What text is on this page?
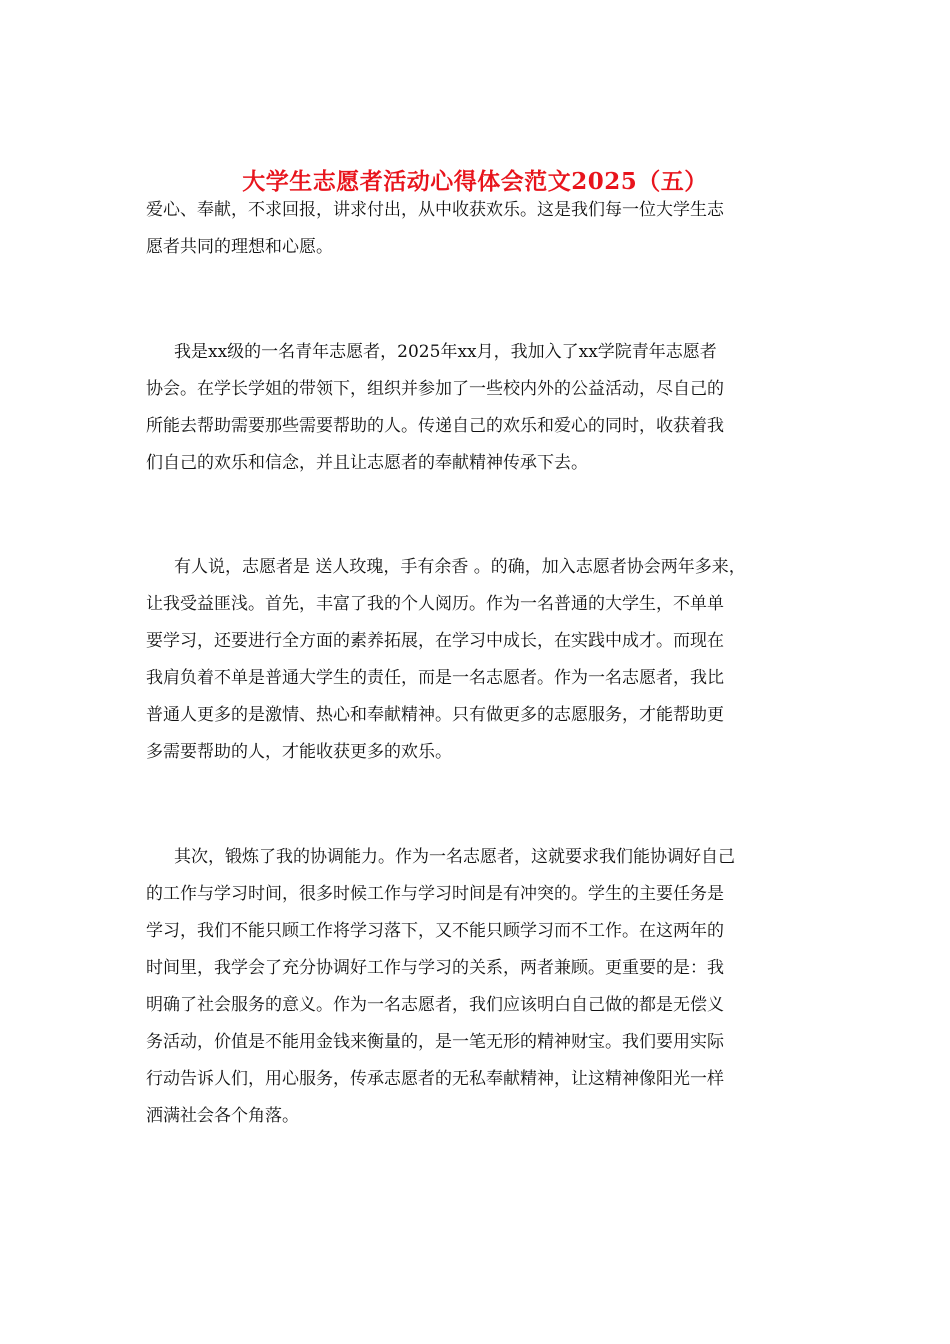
大学生志愿者活动心得体会范文2025（五）

爱心、奉献，不求回报，讲求付出，从中收获欢乐。这是我们每一位大学生志
愿者共同的理想和心愿。

我是xx级的一名青年志愿者，2025年xx月，我加入了xx学院青年志愿者
协会。在学长学姐的带领下，组织并参加了一些校内外的公益活动，尽自己的
所能去帮助需要那些需要帮助的人。传递自己的欢乐和爱心的同时，收获着我
们自己的欢乐和信念，并且让志愿者的奉献精神传承下去。

有人说，志愿者是 送人玫瑰，手有余香 。的确，加入志愿者协会两年多来，
让我受益匪浅。首先，丰富了我的个人阅历。作为一名普通的大学生，不单单
要学习，还要进行全方面的素养拓展，在学习中成长，在实践中成才。而现在
我肩负着不单是普通大学生的责任，而是一名志愿者。作为一名志愿者，我比
普通人更多的是激情、热心和奉献精神。只有做更多的志愿服务，才能帮助更
多需要帮助的人，才能收获更多的欢乐。

其次，锻炼了我的协调能力。作为一名志愿者，这就要求我们能协调好自己
的工作与学习时间，很多时候工作与学习时间是有冲突的。学生的主要任务是
学习，我们不能只顾工作将学习落下，又不能只顾学习而不工作。在这两年的
时间里，我学会了充分协调好工作与学习的关系，两者兼顾。更重要的是：我
明确了社会服务的意义。作为一名志愿者，我们应该明白自己做的都是无偿义
务活动，价值是不能用金钱来衡量的，是一笔无形的精神财宝。我们要用实际
行动告诉人们，用心服务，传承志愿者的无私奉献精神，让这精神像阳光一样
洒满社会各个角落。
